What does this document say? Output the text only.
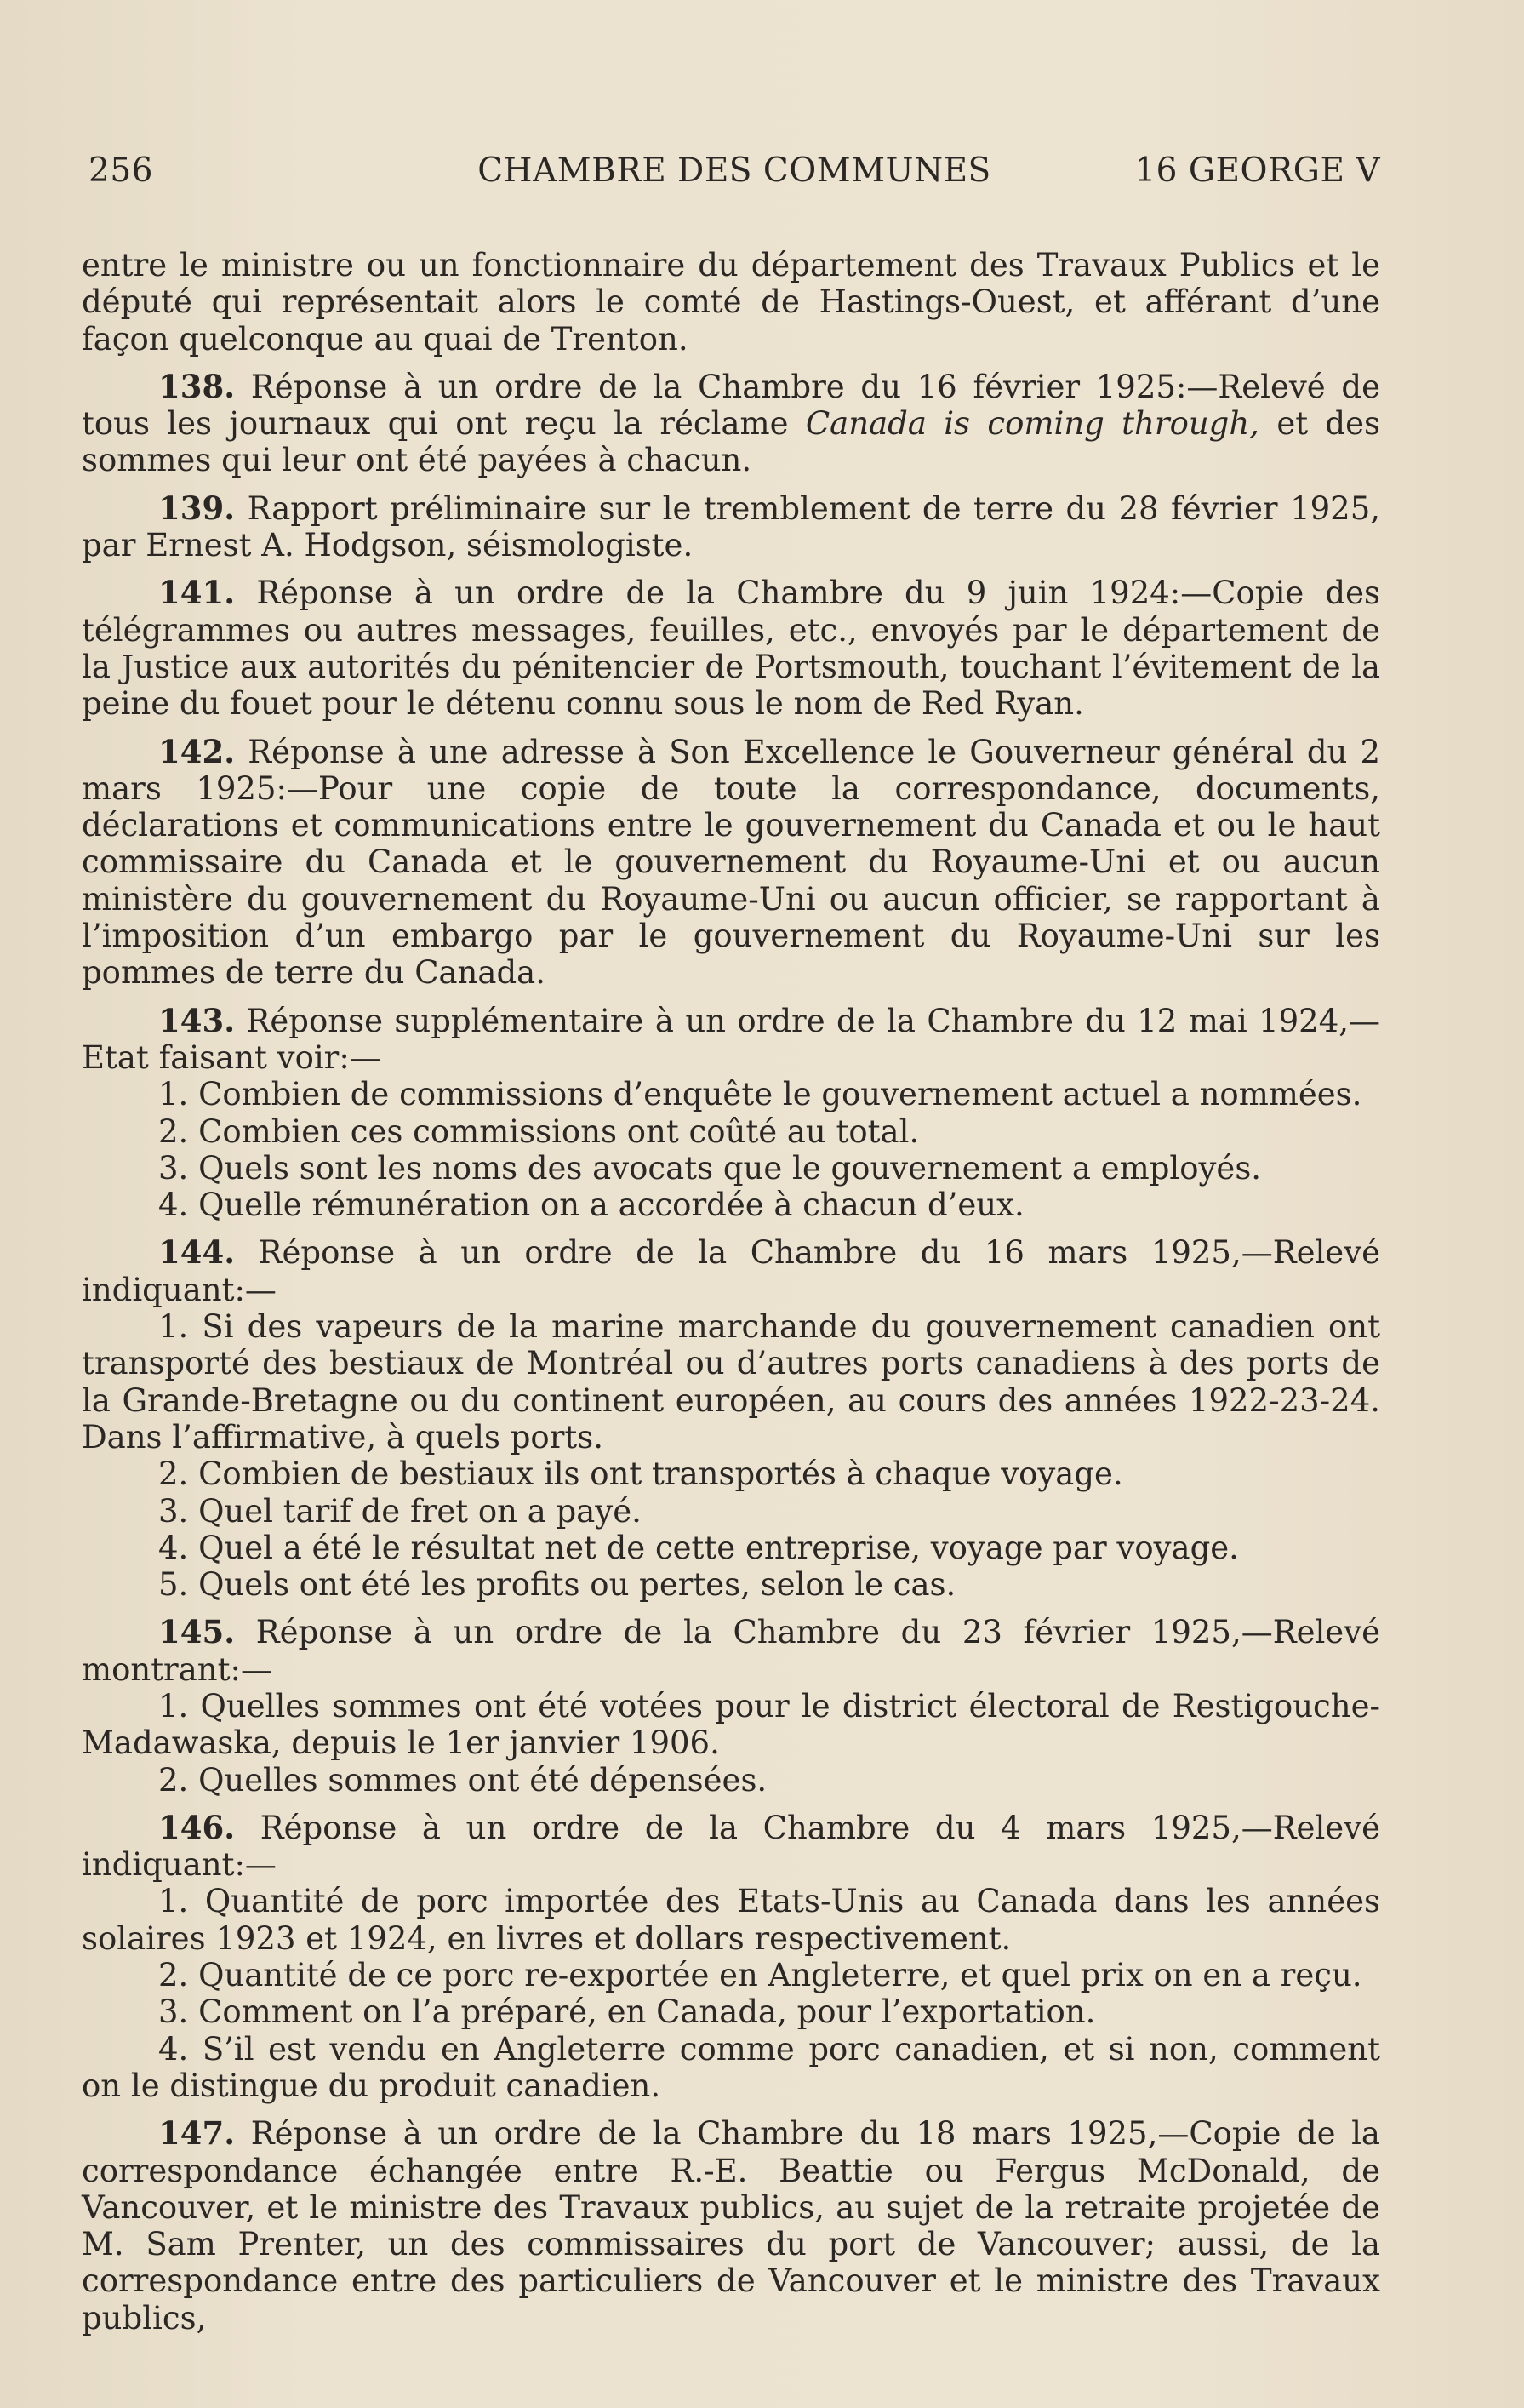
256	CHAMBRE DES COMMUNES	16 GEORGE V

entre le ministre ou un fonctionnaire du département des Travaux Publics et le député qui représentait alors le comté de Hastings-Ouest, et afférant d’une façon quelconque au quai de Trenton.

138. Réponse à un ordre de la Chambre du 16 février 1925:—Relevé de tous les journaux qui ont reçu la réclame Canada is coming through, et des sommes qui leur ont été payées à chacun.

139. Rapport préliminaire sur le tremblement de terre du 28 février 1925, par Ernest A. Hodgson, séismologiste.

141. Réponse à un ordre de la Chambre du 9 juin 1924:—Copie des télégrammes ou autres messages, feuilles, etc., envoyés par le département de la Justice aux autorités du pénitencier de Portsmouth, touchant l’évitement de la peine du fouet pour le détenu connu sous le nom de Red Ryan.

142. Réponse à une adresse à Son Excellence le Gouverneur général du 2 mars 1925:—Pour une copie de toute la correspondance, documents, déclarations et communications entre le gouvernement du Canada et ou le haut commissaire du Canada et le gouvernement du Royaume-Uni et ou aucun ministère du gouvernement du Royaume-Uni ou aucun officier, se rapportant à l’imposition d’un embargo par le gouvernement du Royaume-Uni sur les pommes de terre du Canada.

143. Réponse supplémentaire à un ordre de la Chambre du 12 mai 1924,—Etat faisant voir:—

1. Combien de commissions d’enquête le gouvernement actuel a nommées.

2. Combien ces commissions ont coûté au total.

3. Quels sont les noms des avocats que le gouvernement a employés.

4. Quelle rémunération on a accordée à chacun d’eux.

144. Réponse à un ordre de la Chambre du 16 mars 1925,—Relevé indiquant:—

1. Si des vapeurs de la marine marchande du gouvernement canadien ont transporté des bestiaux de Montréal ou d’autres ports canadiens à des ports de la Grande-Bretagne ou du continent européen, au cours des années 1922-23-24. Dans l’affirmative, à quels ports.

2. Combien de bestiaux ils ont transportés à chaque voyage.

3. Quel tarif de fret on a payé.

4. Quel a été le résultat net de cette entreprise, voyage par voyage.

5. Quels ont été les profits ou pertes, selon le cas.

145. Réponse à un ordre de la Chambre du 23 février 1925,—Relevé montrant:—

1. Quelles sommes ont été votées pour le district électoral de Restigouche-Madawaska, depuis le 1er janvier 1906.

2. Quelles sommes ont été dépensées.

146. Réponse à un ordre de la Chambre du 4 mars 1925,—Relevé indiquant:—

1. Quantité de porc importée des Etats-Unis au Canada dans les années solaires 1923 et 1924, en livres et dollars respectivement.

2. Quantité de ce porc re-exportée en Angleterre, et quel prix on en a reçu.

3. Comment on l’a préparé, en Canada, pour l’exportation.

4. S’il est vendu en Angleterre comme porc canadien, et si non, comment on le distingue du produit canadien.

147. Réponse à un ordre de la Chambre du 18 mars 1925,—Copie de la correspondance échangée entre R.-E. Beattie ou Fergus McDonald, de Vancouver, et le ministre des Travaux publics, au sujet de la retraite projetée de M. Sam Prenter, un des commissaires du port de Vancouver; aussi, de la correspondance entre des particuliers de Vancouver et le ministre des Travaux publics,
